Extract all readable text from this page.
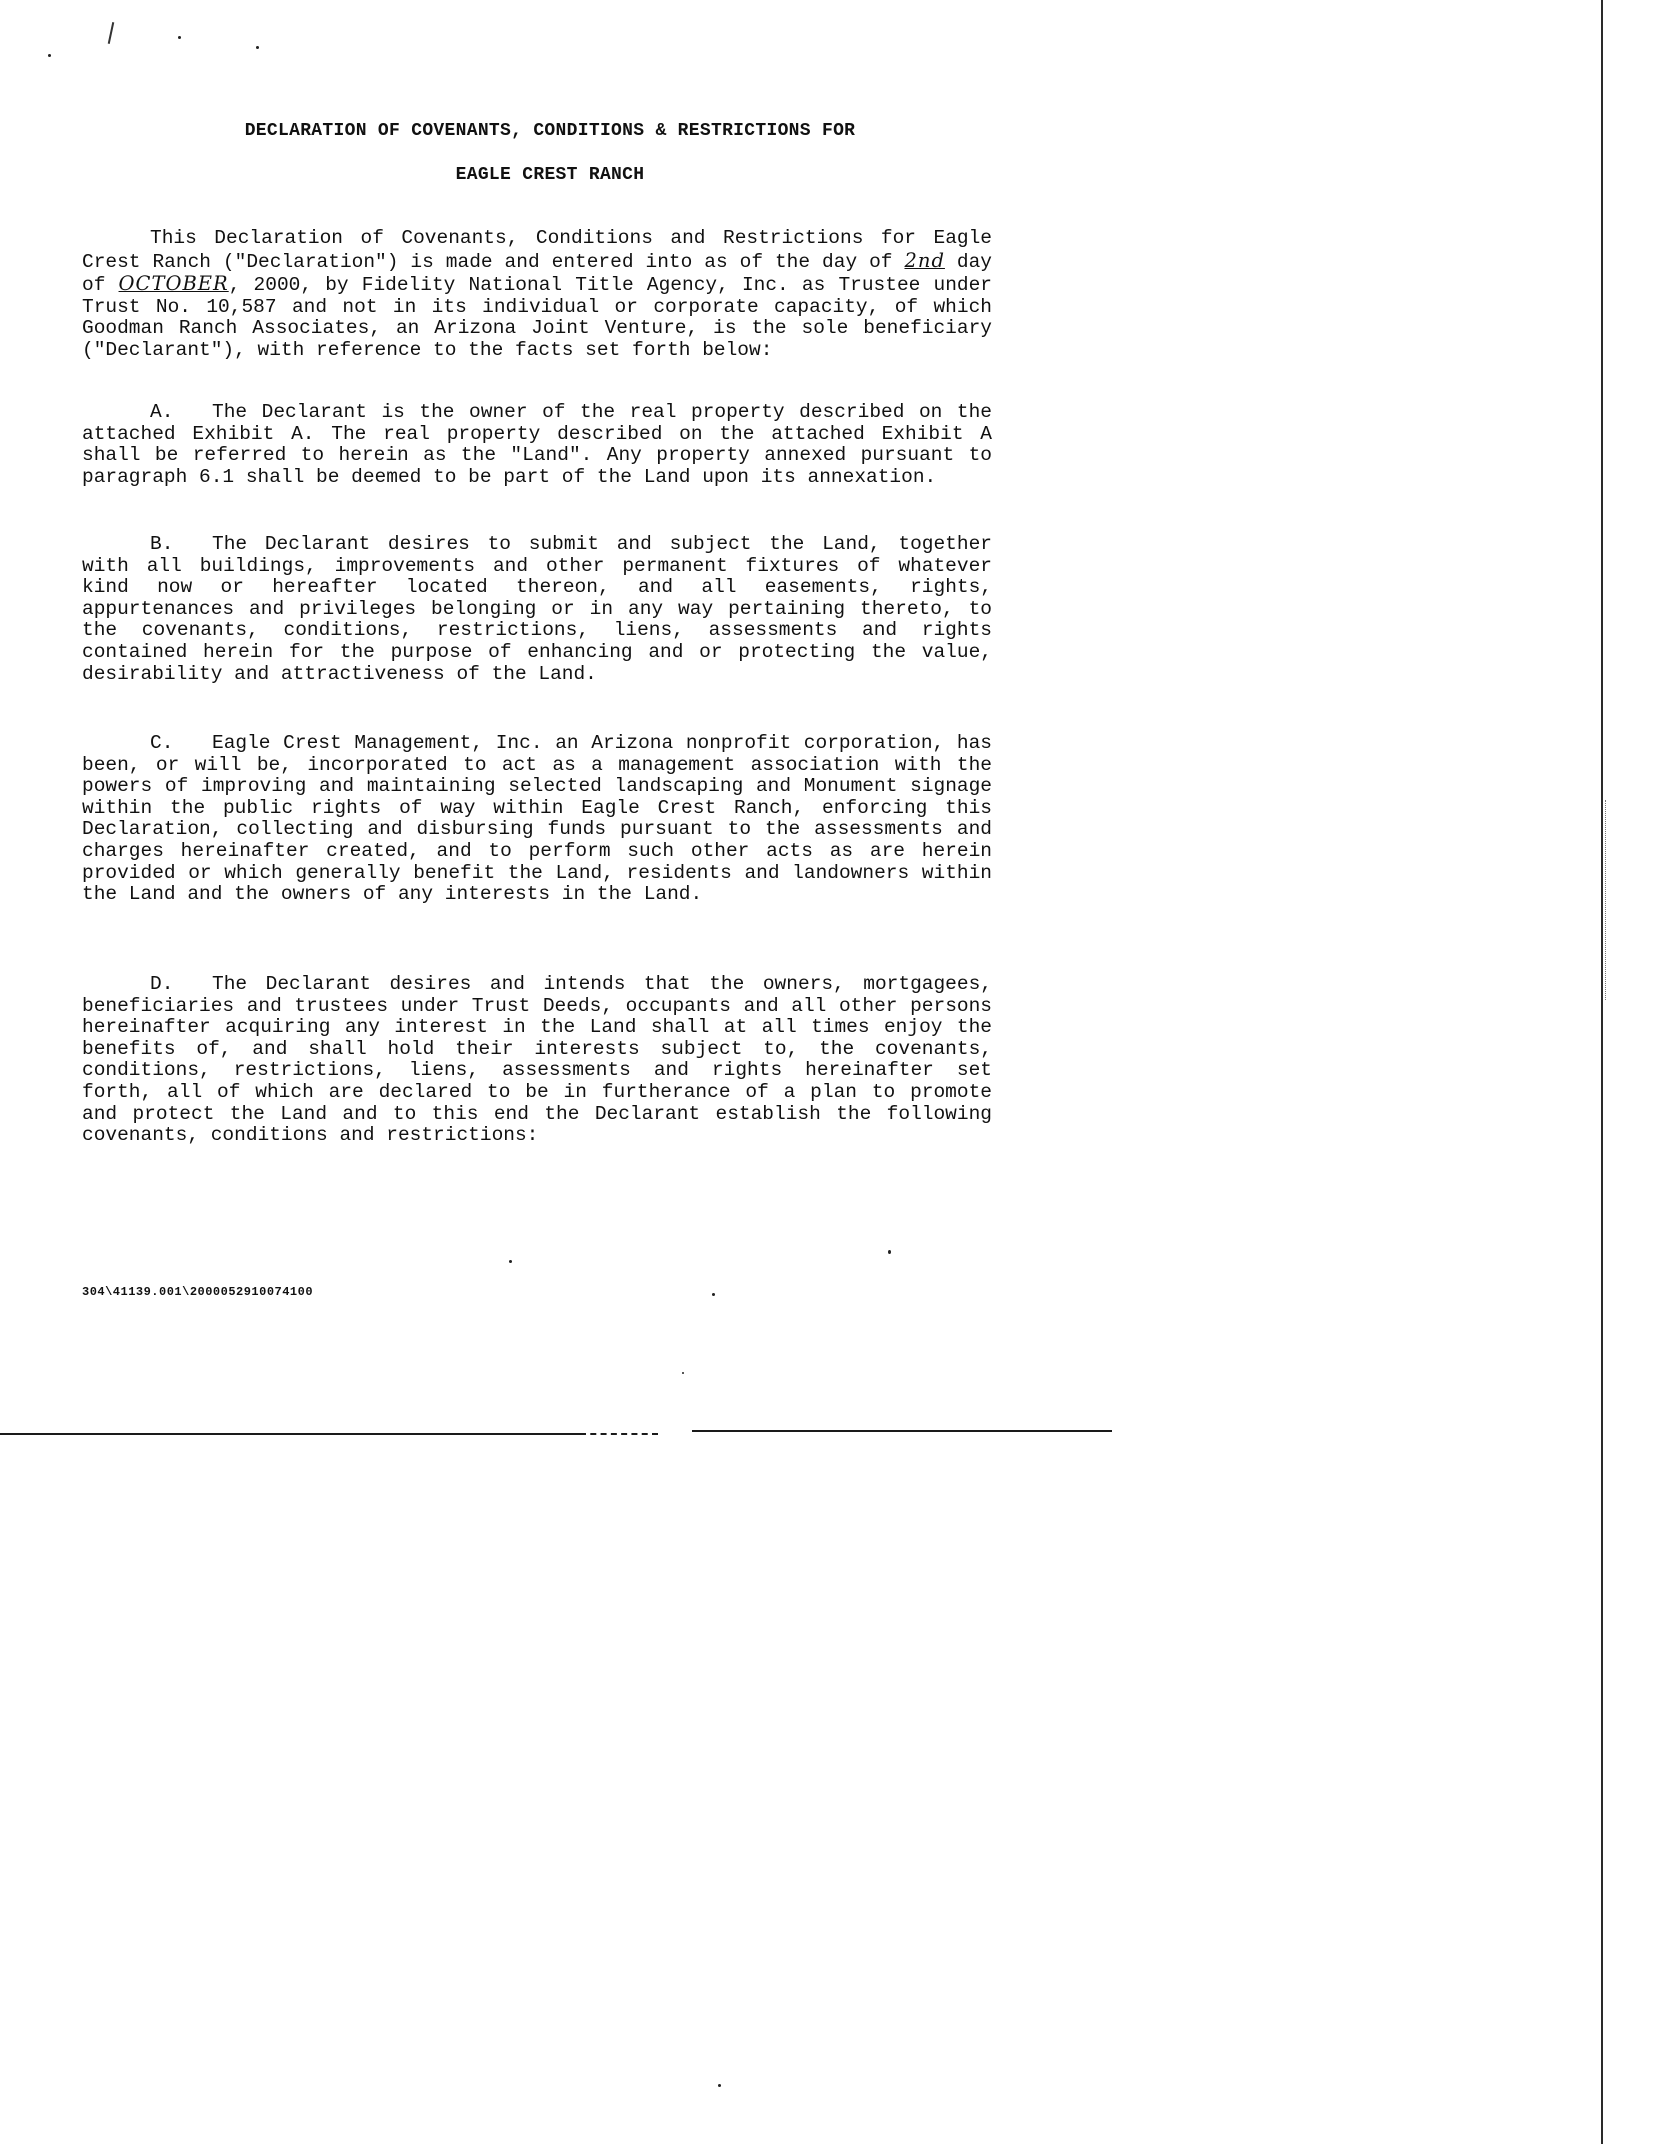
DECLARATION OF COVENANTS, CONDITIONS & RESTRICTIONS FOR
EAGLE CREST RANCH

This Declaration of Covenants, Conditions and Restrictions for Eagle Crest Ranch ("Declaration") is made and entered into as of the day of 2nd day of OCTOBER, 2000, by Fidelity National Title Agency, Inc. as Trustee under Trust No. 10,587 and not in its individual or corporate capacity, of which Goodman Ranch Associates, an Arizona Joint Venture, is the sole beneficiary ("Declarant"), with reference to the facts set forth below:

A. The Declarant is the owner of the real property described on the attached Exhibit A. The real property described on the attached Exhibit A shall be referred to herein as the "Land". Any property annexed pursuant to paragraph 6.1 shall be deemed to be part of the Land upon its annexation.

B. The Declarant desires to submit and subject the Land, together with all buildings, improvements and other permanent fixtures of whatever kind now or hereafter located thereon, and all easements, rights, appurtenances and privileges belonging or in any way pertaining thereto, to the covenants, conditions, restrictions, liens, assessments and rights contained herein for the purpose of enhancing and or protecting the value, desirability and attractiveness of the Land.

C. Eagle Crest Management, Inc. an Arizona nonprofit corporation, has been, or will be, incorporated to act as a management association with the powers of improving and maintaining selected landscaping and Monument signage within the public rights of way within Eagle Crest Ranch, enforcing this Declaration, collecting and disbursing funds pursuant to the assessments and charges hereinafter created, and to perform such other acts as are herein provided or which generally benefit the Land, residents and landowners within the Land and the owners of any interests in the Land.

D. The Declarant desires and intends that the owners, mortgagees, beneficiaries and trustees under Trust Deeds, occupants and all other persons hereinafter acquiring any interest in the Land shall at all times enjoy the benefits of, and shall hold their interests subject to, the covenants, conditions, restrictions, liens, assessments and rights hereinafter set forth, all of which are declared to be in furtherance of a plan to promote and protect the Land and to this end the Declarant establish the following covenants, conditions and restrictions:

304\41139.001\2000052910074100
